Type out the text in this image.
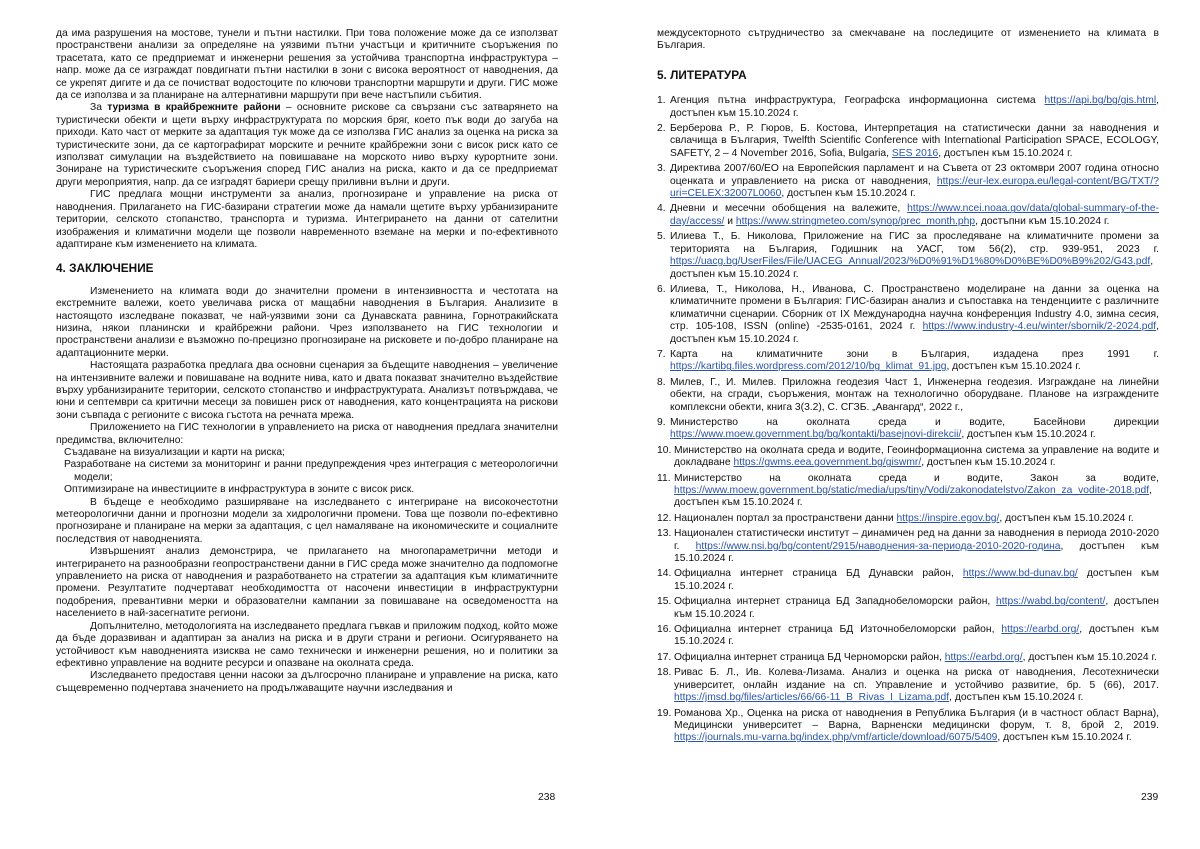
да има разрушения на мостове, тунели и пътни настилки. При това положение може да се използват пространствени анализи за определяне на уязвими пътни участъци и критичните съоръжения по трасетата, като се предприемат и инженерни решения за устойчива транспортна инфраструктура – напр. може да се изграждат повдигнати пътни настилки в зони с висока вероятност от наводнения, да се укрепят дигите и да се почистват водостоците по ключови транспортни маршрути и други. ГИС може да се използва и за планиране на алтернативни маршрути при вече настъпили събития.

За туризма в крайбрежните райони – основните рискове са свързани със затварянето на туристически обекти и щети върху инфраструктурата по морския бряг, което пък води до загуба на приходи. Като част от мерките за адаптация тук може да се използва ГИС анализ за оценка на риска за туристическите зони, да се картографират морските и речните крайбрежни зони с висок риск като се използват симулации на въздействието на повишаване на морското ниво върху курортните зони. Зониране на туристическите съоръжения според ГИС анализ на риска, както и да се предприемат други мероприятия, напр. да се изградят бариери срещу приливни вълни и други.

ГИС предлага мощни инструменти за анализ, прогнозиране и управление на риска от наводнения. Прилагането на ГИС-базирани стратегии може да намали щетите върху урбанизираните територии, селското стопанство, транспорта и туризма. Интегрирането на данни от сателитни изображения и климатични модели ще позволи навременното вземане на мерки и по-ефективното адаптиране към изменението на климата.

4. ЗАКЛЮЧЕНИЕ

Изменението на климата води до значителни промени в интензивността и честотата на екстремните валежи, което увеличава риска от мащабни наводнения в България. Анализите в настоящото изследване показват, че най-уязвими зони са Дунавската равнина, Горнотракийската низина, някои планински и крайбрежни райони. Чрез използването на ГИС технологии и пространствени анализи е възможно по-прецизно прогнозиране на рисковете и по-добро планиране на адаптационните мерки.

Настоящата разработка предлага два основни сценария за бъдещите наводнения – увеличение на интензивните валежи и повишаване на водните нива, като и двата показват значително въздействие върху урбанизираните територии, селското стопанство и инфраструктурата. Анализът потвърждава, че юни и септември са критични месеци за повишен риск от наводнения, като концентрацията на рискови зони съвпада с регионите с висока гъстота на речната мрежа.

Приложението на ГИС технологии в управлението на риска от наводнения предлага значителни предимства, включително:

Създаване на визуализации и карти на риска;

Разработване на системи за мониторинг и ранни предупреждения чрез интеграция с метеорологични модели;

Оптимизиране на инвестициите в инфраструктура в зоните с висок риск.

В бъдеще е необходимо разширяване на изследването с интегриране на високочестотни метеорологични данни и прогнозни модели за хидрологични промени. Това ще позволи по-ефективно прогнозиране и планиране на мерки за адаптация, с цел намаляване на икономическите и социалните последствия от наводненията.

Извършеният анализ демонстрира, че прилагането на многопараметрични методи и интегрирането на разнообразни геопространствени данни в ГИС среда може значително да подпомогне управлението на риска от наводнения и разработването на стратегии за адаптация към климатичните промени. Резултатите подчертават необходимостта от насочени инвестиции в инфраструктурни подобрения, превантивни мерки и образователни кампании за повишаване на осведомеността на населението в най-засегнатите региони.

Допълнително, методологията на изследването предлага гъвкав и приложим подход, който може да бъде доразвиван и адаптиран за анализ на риска и в други страни и региони. Осигуряването на устойчивост към наводненията изисква не само технически и инженерни решения, но и политики за ефективно управление на водните ресурси и опазване на околната среда.

Изследването предоставя ценни насоки за дългосрочно планиране и управление на риска, като същевременно подчертава значението на продължаващите научни изследвания и

238

междусекторното сътрудничество за смекчаване на последиците от изменението на климата в България.

5. ЛИТЕРАТУРА

1. Агенция пътна инфраструктура, Географска информационна система https://api.bg/bg/gis.html, достъпен към 15.10.2024 г.

2. Берберова Р., Р. Гюров, Б. Костова, Интерпретация на статистически данни за наводнения и свлачища в България, Twelfth Scientific Conference with International Participation SPACE, ECOLOGY, SAFETY, 2 – 4 November 2016, Sofia, Bulgaria, SES 2016, достъпен към 15.10.2024 г.

3. Директива 2007/60/ЕО на Европейския парламент и на Съвета от 23 октомври 2007 година относно оценката и управлението на риска от наводнения, https://eur-lex.europa.eu/legal-content/BG/TXT/?uri=CELEX:32007L0060, достъпен към 15.10.2024 г.

4. Дневни и месечни обобщения на валежите, https://www.ncei.noaa.gov/data/global-summary-of-the-day/access/ и https://www.stringmeteo.com/synop/prec_month.php, достъпни към 15.10.2024 г.

5. Илиева Т., Б. Николова, Приложение на ГИС за проследяване на климатичните промени за територията на България, Годишник на УАСГ, том 56(2), стр. 939-951, 2023 г. https://uacg.bg/UserFiles/File/UACEG_Annual/2023/%D0%91%D1%80%D0%BE%D0%B9%202/G43.pdf, достъпен към 15.10.2024 г.

6. Илиева, Т., Николова, Н., Иванова, С. Пространствено моделиране на данни за оценка на климатичните промени в България: ГИС-базиран анализ и съпоставка на тенденциите с различните климатични сценарии. Сборник от IX Международна научна конференция Industry 4.0, зимна сесия, стр. 105-108, ISSN (online) -2535-0161, 2024 г. https://www.industry-4.eu/winter/sbornik/2-2024.pdf, достъпен към 15.10.2024 г.

7. Карта на климатичните зони в България, издадена през 1991 г. https://kartibg.files.wordpress.com/2012/10/bg_klimat_91.jpg, достъпен към 15.10.2024 г.

8. Милев, Г., И. Милев. Приложна геодезия Част 1, Инженерна геодезия. Изграждане на линейни обекти, на сгради, съоръжения, монтаж на технологично оборудване. Планове на изграждените комплексни обекти, книга 3(3.2), С. СГЗБ. „Авангард“, 2022 г.,

9. Министерство на околната среда и водите, Басейнови дирекции https://www.moew.government.bg/bg/kontakti/basejnovi-direkcii/, достъпен към 15.10.2024 г.

10. Министерство на околната среда и водите, Геоинформационна система за управление на водите и докладване https://gwms.eea.government.bg/giswmr/, достъпен към 15.10.2024 г.

11. Министерство на околната среда и водите, Закон за водите, https://www.moew.government.bg/static/media/ups/tiny/Vodi/zakonodatelstvo/Zakon_za_vodite-2018.pdf, достъпен към 15.10.2024 г.

12. Национален портал за пространствени данни https://inspire.egov.bg/, достъпен към 15.10.2024 г.

13. Национален статистически институт – динамичен ред на данни за наводнения в периода 2010-2020 г. https://www.nsi.bg/bg/content/2915/наводнения-за-периода-2010-2020-година, достъпен към 15.10.2024 г.

14. Официална интернет страница БД Дунавски район, https://www.bd-dunav.bg/ достъпен към 15.10.2024 г.

15. Официална интернет страница БД Западнобеломорски район, https://wabd.bg/content/, достъпен към 15.10.2024 г.

16. Официална интернет страница БД Източнобеломорски район, https://earbd.org/, достъпен към 15.10.2024 г.

17. Официална интернет страница БД Черноморски район, https://earbd.org/, достъпен към 15.10.2024 г.

18. Ривас Б. Л., Ив. Колева-Лизама. Анализ и оценка на риска от наводнения, Лесотехнически университет, онлайн издание на сп. Управление и устойчиво развитие, бр. 5 (66), 2017. https://jmsd.bg/files/articles/66/66-11_B_Rivas_I_Lizama.pdf, достъпен към 15.10.2024 г.

19. Романова Хр., Оценка на риска от наводнения в Република България (и в частност област Варна), Медицински университет – Варна, Варненски медицински форум, т. 8, брой 2, 2019. https://journals.mu-varna.bg/index.php/vmf/article/download/6075/5409, достъпен към 15.10.2024 г.

239
